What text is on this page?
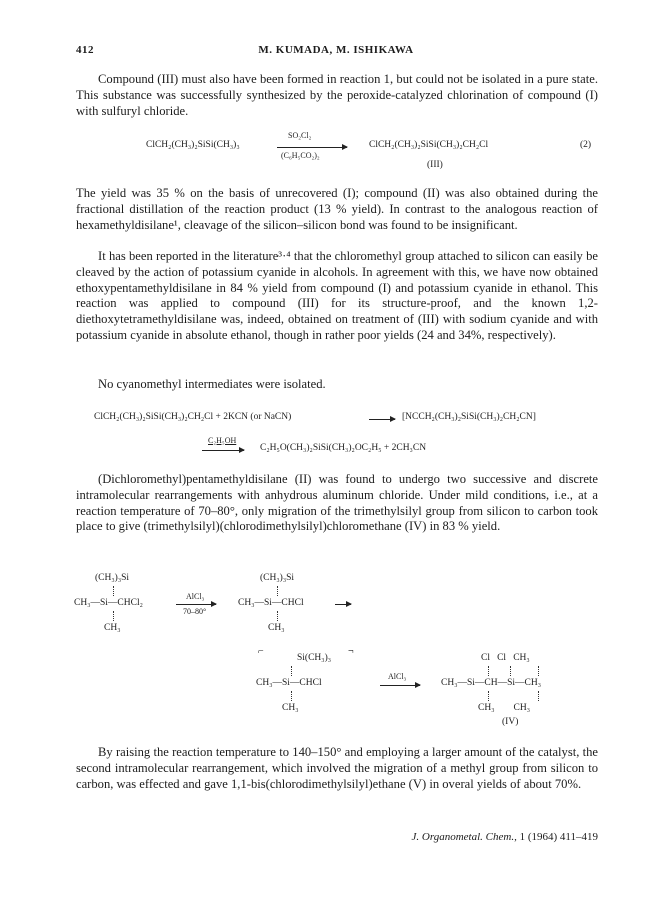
412	M. KUMADA, M. ISHIKAWA

Compound (III) must also have been formed in reaction 1, but could not be isolated in a pure state. This substance was successfully synthesized by the peroxide-catalyzed chlorination of compound (I) with sulfuryl chloride.

ClCH₂(CH₃)₂SiSi(CH₃)₃
SO₂Cl₂
(C₆H₅CO₂)₂
ClCH₂(CH₃)₂SiSi(CH₃)₂CH₂Cl
(III)
(2)

The yield was 35 % on the basis of unrecovered (I); compound (II) was also obtained during the fractional distillation of the reaction product (13 % yield). In contrast to the analogous reaction of hexamethyldisilane¹, cleavage of the silicon–silicon bond was found to be insignificant.

It has been reported in the literature³·⁴ that the chloromethyl group attached to silicon can easily be cleaved by the action of potassium cyanide in alcohols. In agreement with this, we have now obtained ethoxypentamethyldisilane in 84 % yield from compound (I) and potassium cyanide in ethanol. This reaction was applied to compound (III) for its structure-proof, and the known 1,2-diethoxytetramethyldisilane was, indeed, obtained on treatment of (III) with sodium cyanide and with potassium cyanide in absolute ethanol, though in rather poor yields (24 and 34%, respectively).

No cyanomethyl intermediates were isolated.

ClCH₂(CH₃)₂SiSi(CH₃)₂CH₂Cl + 2KCN (or NaCN)	[NCCH₂(CH₃)₂SiSi(CH₃)₂CH₂CN]
C₂H₅OH
C₂H₅O(CH₃)₂SiSi(CH₃)₂OC₂H₅ + 2CH₃CN

(Dichloromethyl)pentamethyldisilane (II) was found to undergo two successive and discrete intramolecular rearrangements with anhydrous aluminum chloride. Under mild conditions, i.e., at a reaction temperature of 70–80°, only migration of the trimethylsilyl group from silicon to carbon took place to give (trimethylsilyl)(chlorodimethylsilyl)chloromethane (IV) in 83 % yield.

(CH₃)₃Si
CH₃—Si—CHCl₂
CH₃
AlCl₃
70–80°
(CH₃)₃Si
CH₃—Si—CHCl
CH₃
⌐
Si(CH₃)₃
CH₃—Si—CHCl
CH₃
¬
AlCl₃
Cl   Cl   CH₃
CH₃—Si—CH—Si—CH₃
CH₃        CH₃
(IV)

By raising the reaction temperature to 140–150° and employing a larger amount of the catalyst, the second intramolecular rearrangement, which involved the migration of a methyl group from silicon to carbon, was effected and gave 1,1-bis(chlorodimethylsilyl)ethane (V) in overal yields of about 70%.

J. Organometal. Chem., 1 (1964) 411–419
